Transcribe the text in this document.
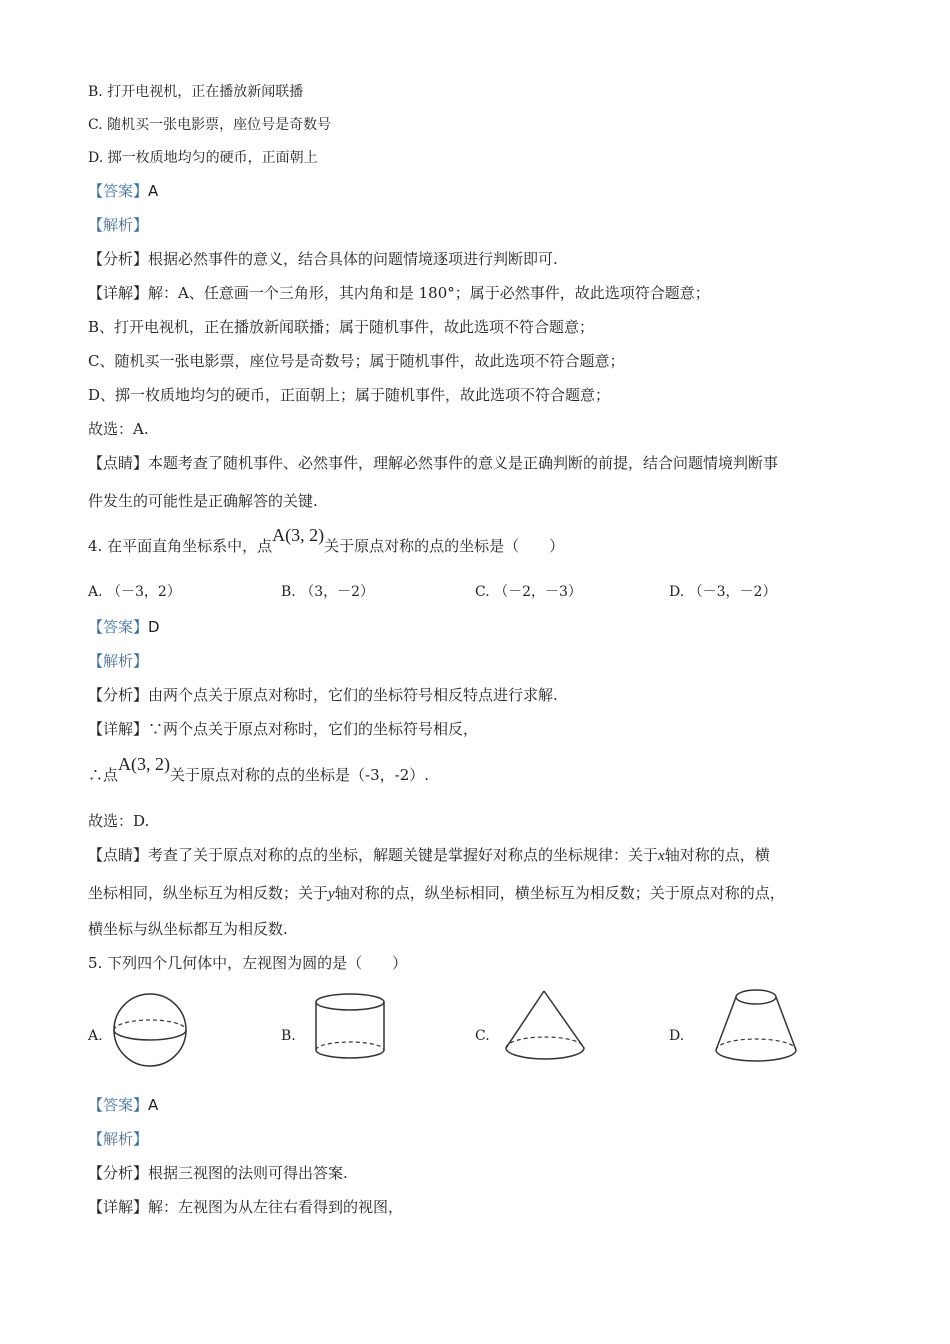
B. 打开电视机，正在播放新闻联播
C. 随机买一张电影票，座位号是奇数号
D. 掷一枚质地均匀的硬币，正面朝上
【答案】A
【解析】
【分析】根据必然事件的意义，结合具体的问题情境逐项进行判断即可.
【详解】解：A、任意画一个三角形，其内角和是 180°；属于必然事件，故此选项符合题意；
B、打开电视机，正在播放新闻联播；属于随机事件，故此选项不符合题意；
C、随机买一张电影票，座位号是奇数号；属于随机事件，故此选项不符合题意；
D、掷一枚质地均匀的硬币，正面朝上；属于随机事件，故此选项不符合题意；
故选：A.
【点睛】本题考查了随机事件、必然事件，理解必然事件的意义是正确判断的前提，结合问题情境判断事
件发生的可能性是正确解答的关键.
4. 在平面直角坐标系中，点A(3, 2)关于原点对称的点的坐标是（　　）
A. （－3，2）	B. （3，－2）	C. （－2，－3）	D. （－3，－2）
【答案】D
【解析】
【分析】由两个点关于原点对称时，它们的坐标符号相反特点进行求解.
【详解】∵两个点关于原点对称时，它们的坐标符号相反，
∴点A(3, 2)关于原点对称的点的坐标是（-3，-2）.
故选：D.
【点睛】考查了关于原点对称的点的坐标，解题关键是掌握好对称点的坐标规律：关于x轴对称的点，横
坐标相同，纵坐标互为相反数；关于y轴对称的点，纵坐标相同，横坐标互为相反数；关于原点对称的点，
横坐标与纵坐标都互为相反数.
5. 下列四个几何体中，左视图为圆的是（　　）
A.	B.	C.	D.
【答案】A
【解析】
【分析】根据三视图的法则可得出答案.
【详解】解：左视图为从左往右看得到的视图，
